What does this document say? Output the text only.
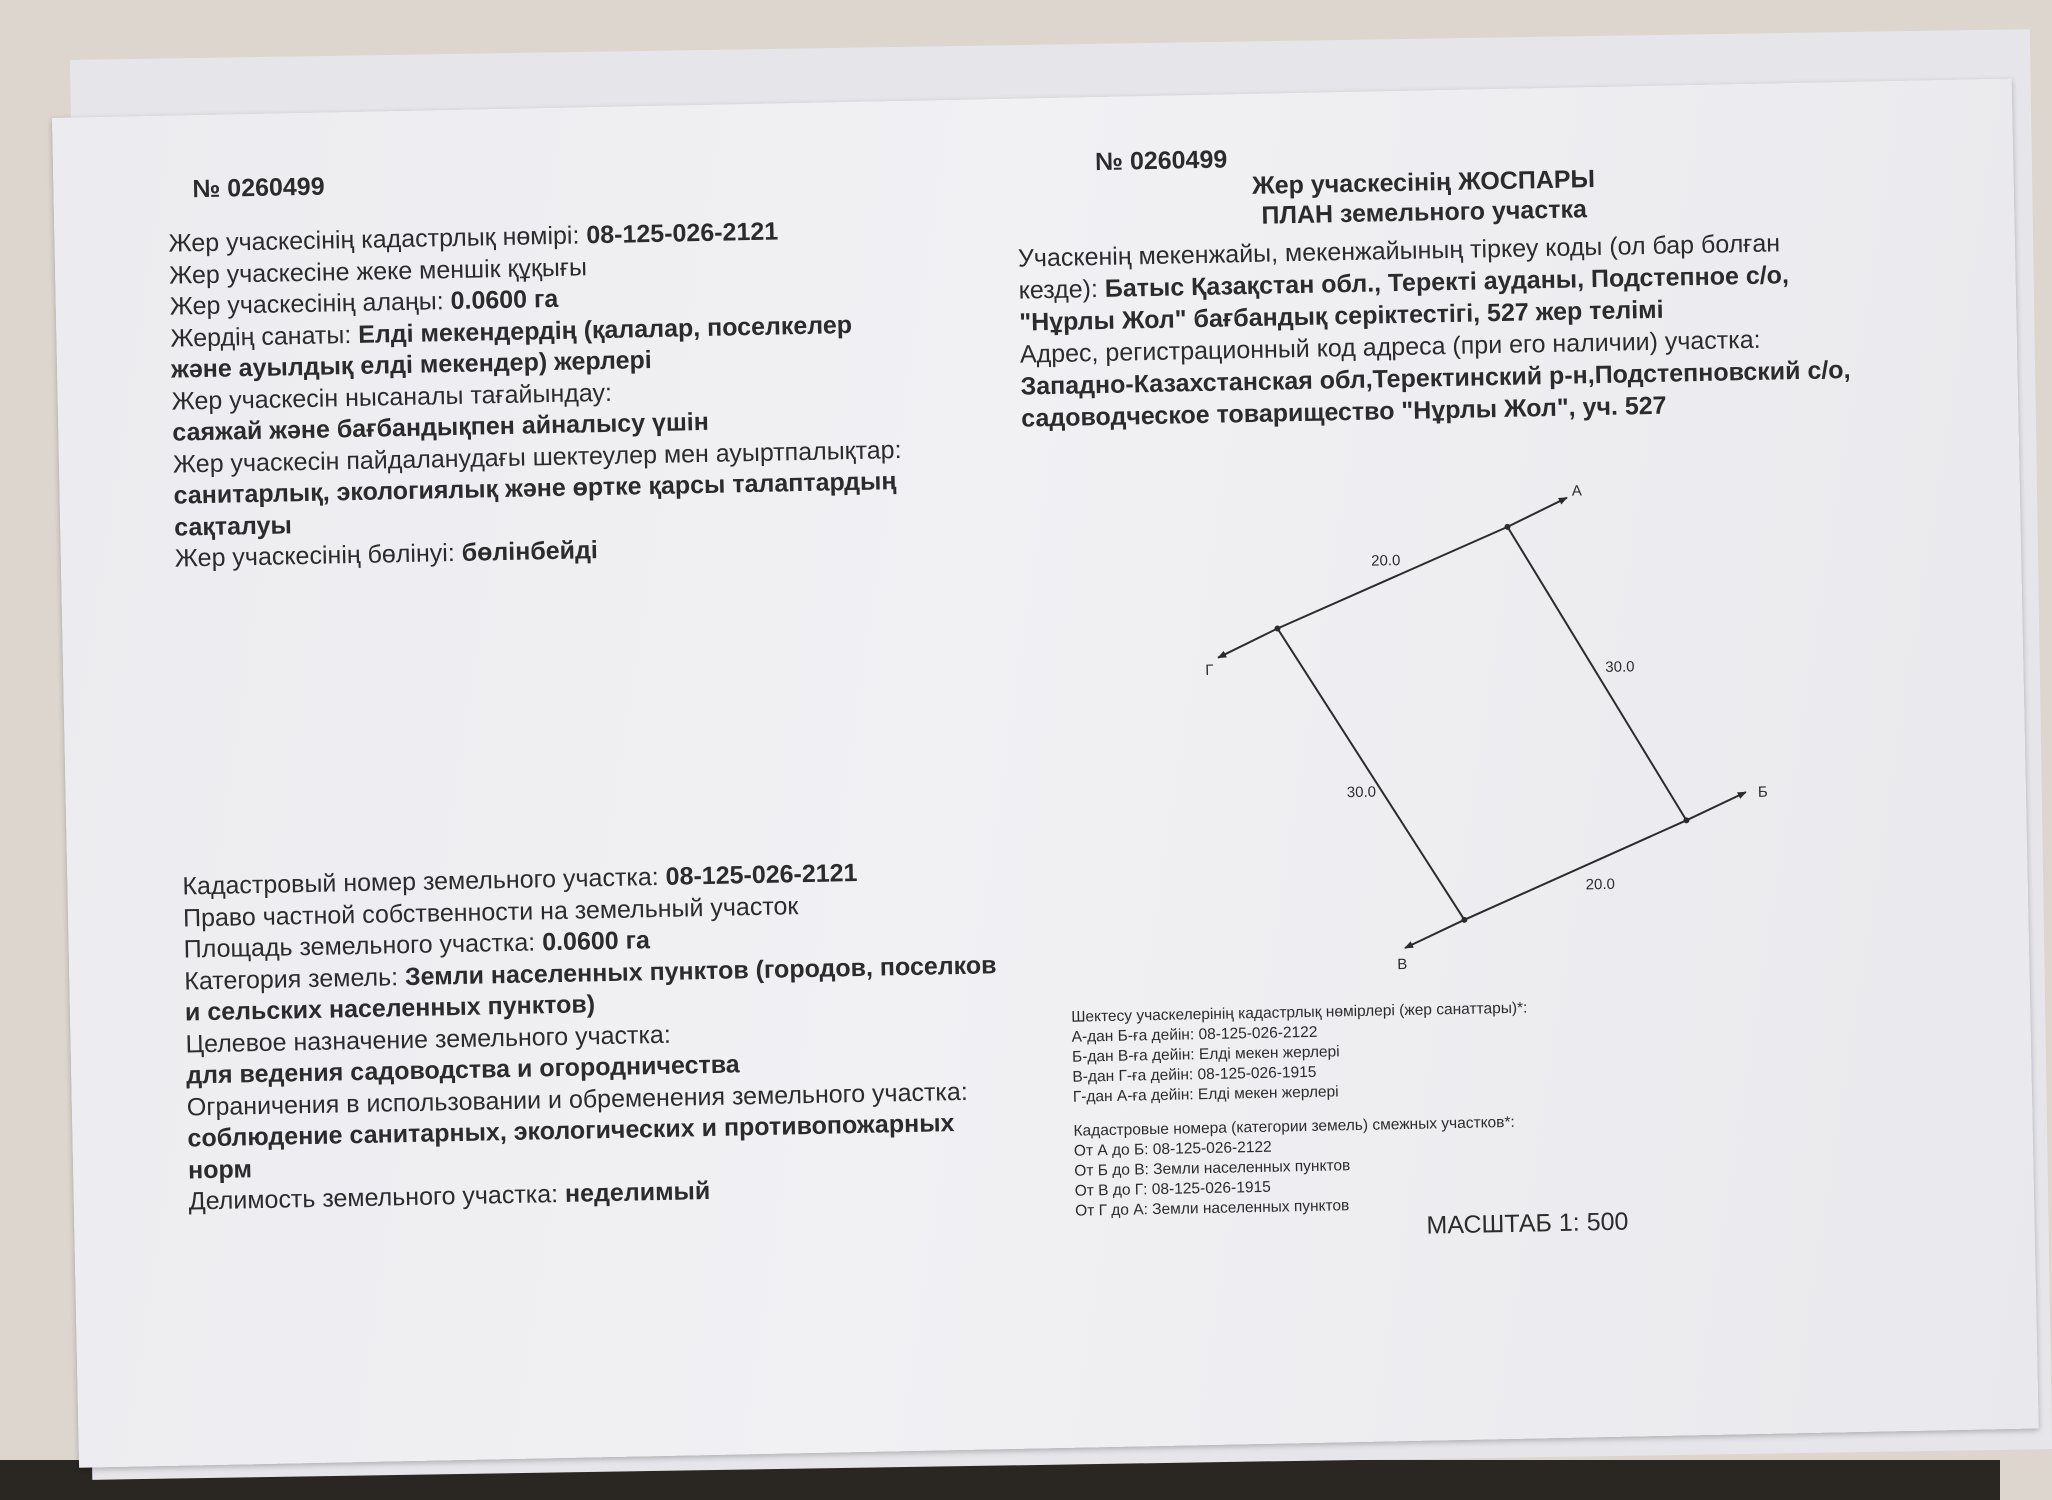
№ 0260499
Жер учаскесінің кадастрлық нөмірі: 08-125-026-2121
Жер учаскесіне жеке меншік құқығы
Жер учаскесінің алаңы: 0.0600 га
Жердің санаты: Елді мекендердің (қалалар, поселкелер
және ауылдық елді мекендер) жерлері
Жер учаскесін нысаналы тағайындау:
саяжай және бағбандықпен айналысу үшін
Жер учаскесін пайдаланудағы шектеулер мен ауыртпалықтар:
санитарлық, экологиялық және өртке қарсы талаптардың
сақталуы
Жер учаскесінің бөлінуі: бөлінбейді
Кадастровый номер земельного участка: 08-125-026-2121
Право частной собственности на земельный участок
Площадь земельного участка: 0.0600 га
Категория земель: Земли населенных пунктов (городов, поселков
и сельских населенных пунктов)
Целевое назначение земельного участка:
для ведения садоводства и огородничества
Ограничения в использовании и обременения земельного участка:
соблюдение санитарных, экологических и противопожарных
норм
Делимость земельного участка: неделимый
№ 0260499
Жер учаскесінің ЖОСПАРЫ
ПЛАН земельного участка
Учаскенің мекенжайы, мекенжайының тіркеу коды (ол бар болған
кезде): Батыс Қазақстан обл., Теректі ауданы, Подстепное с/о,
"Нұрлы Жол" бағбандық серіктестігі, 527 жер телімі
Адрес, регистрационный код адреса (при его наличии) участка:
Западно-Казахстанская обл,Теректинский р-н,Подстепновский с/о,
садоводческое товарищество "Нұрлы Жол", уч. 527
А
Б
В
Г
20.0
30.0
20.0
30.0
Шектесу учаскелерінің кадастрлық нөмірлері (жер санаттары)*:
А-дан Б-ға дейін: 08-125-026-2122
Б-дан В-ға дейін: Елді мекен жерлері
В-дан Г-ға дейін: 08-125-026-1915
Г-дан А-ға дейін: Елді мекен жерлері
Кадастровые номера (категории земель) смежных участков*:
От А до Б: 08-125-026-2122
От Б до В: Земли населенных пунктов
От В до Г: 08-125-026-1915
От Г до А: Земли населенных пунктов	МАСШТАБ 1: 500
